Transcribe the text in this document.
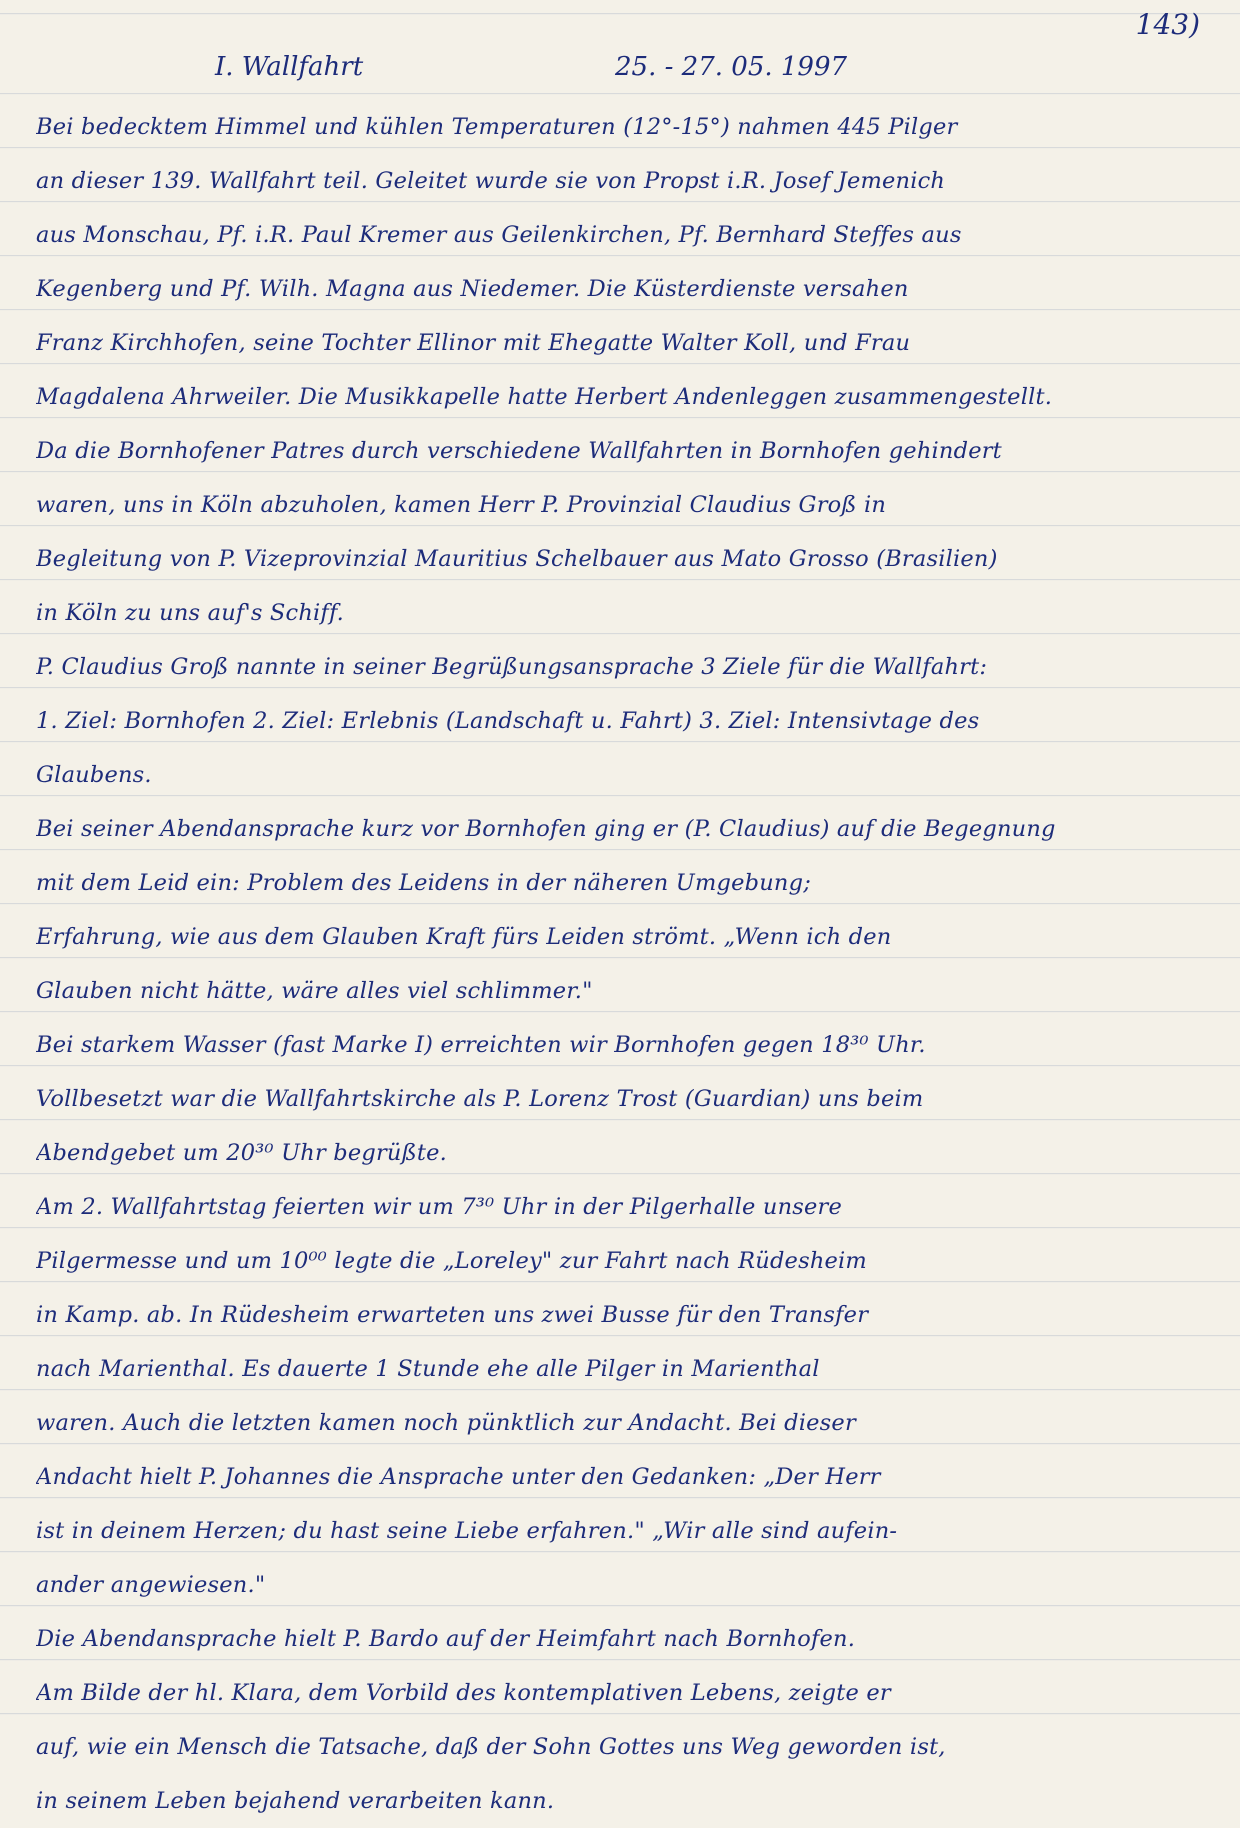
143)
I. Wallfahrt	25. - 27. 05. 1997
Bei bedecktem Himmel und kühlen Temperaturen (12°-15°) nahmen 445 Pilger
an dieser 139. Wallfahrt teil. Geleitet wurde sie von Propst i.R. Josef Jemenich
aus Monschau, Pf. i.R. Paul Kremer aus Geilenkirchen, Pf. Bernhard Steffes aus
Kegenberg und Pf. Wilh. Magna aus Niedemer. Die Küsterdienste versahen
Franz Kirchhofen, seine Tochter Ellinor mit Ehegatte Walter Koll, und Frau
Magdalena Ahrweiler. Die Musikkapelle hatte Herbert Andenleggen zusammengestellt.
Da die Bornhofener Patres durch verschiedene Wallfahrten in Bornhofen gehindert
waren, uns in Köln abzuholen, kamen Herr P. Provinzial Claudius Groß in
Begleitung von P. Vizeprovinzial Mauritius Schelbauer aus Mato Grosso (Brasilien)
in Köln zu uns auf's Schiff.
P. Claudius Groß nannte in seiner Begrüßungsansprache 3 Ziele für die Wallfahrt:
1. Ziel: Bornhofen 2. Ziel: Erlebnis (Landschaft u. Fahrt) 3. Ziel: Intensivtage des
Glaubens.
Bei seiner Abendansprache kurz vor Bornhofen ging er (P. Claudius) auf die Begegnung
mit dem Leid ein: Problem des Leidens in der näheren Umgebung;
Erfahrung, wie aus dem Glauben Kraft fürs Leiden strömt. „Wenn ich den
Glauben nicht hätte, wäre alles viel schlimmer."
Bei starkem Wasser (fast Marke I) erreichten wir Bornhofen gegen 18³⁰ Uhr.
Vollbesetzt war die Wallfahrtskirche als P. Lorenz Trost (Guardian) uns beim
Abendgebet um 20³⁰ Uhr begrüßte.
Am 2. Wallfahrtstag feierten wir um 7³⁰ Uhr in der Pilgerhalle unsere
Pilgermesse und um 10⁰⁰ legte die „Loreley" zur Fahrt nach Rüdesheim
in Kamp. ab. In Rüdesheim erwarteten uns zwei Busse für den Transfer
nach Marienthal. Es dauerte 1 Stunde ehe alle Pilger in Marienthal
waren. Auch die letzten kamen noch pünktlich zur Andacht. Bei dieser
Andacht hielt P. Johannes die Ansprache unter den Gedanken: „Der Herr
ist in deinem Herzen; du hast seine Liebe erfahren." „Wir alle sind aufein-
ander angewiesen."
Die Abendansprache hielt P. Bardo auf der Heimfahrt nach Bornhofen.
Am Bilde der hl. Klara, dem Vorbild des kontemplativen Lebens, zeigte er
auf, wie ein Mensch die Tatsache, daß der Sohn Gottes uns Weg geworden ist,
in seinem Leben bejahend verarbeiten kann.
